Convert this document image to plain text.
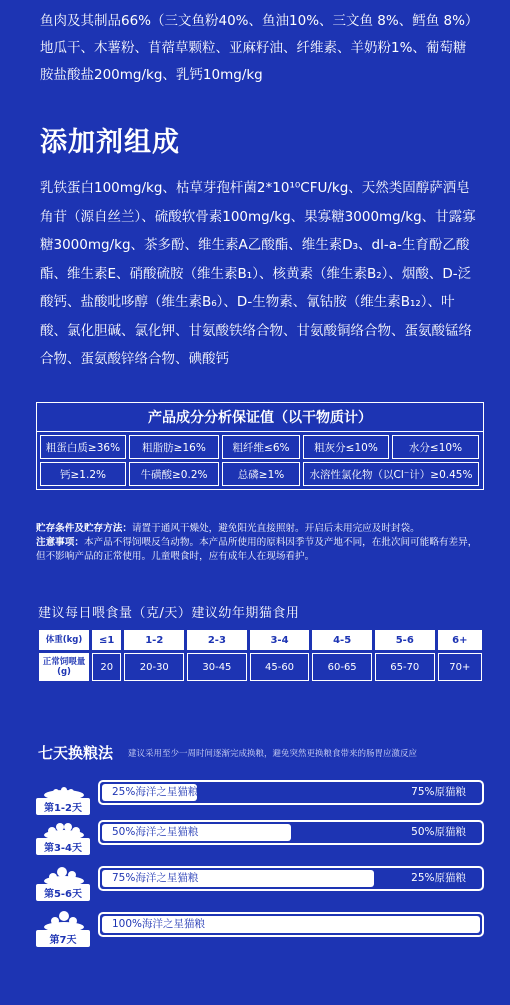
鱼肉及其制品66%（三文鱼粉40%、鱼油10%、三文鱼 8%、鳕鱼 8%）
地瓜干、木薯粉、苜蓿草颗粒、亚麻籽油、纤维素、羊奶粉1%、葡萄糖
胺盐酸盐200mg/kg、乳钙10mg/kg
添加剂组成

乳铁蛋白100mg/kg、枯草芽孢杆菌2*10¹⁰CFU/kg、天然类固醇萨洒皂角苷（源自丝兰）、硫酸软骨素100mg/kg、果寡糖3000mg/kg、甘露寡糖3000mg/kg、茶多酚、维生素A乙酸酯、维生素D₃、dl-a-生育酚乙酸酯、维生素E、硝酸硫胺（维生素B₁）、核黄素（维生素B₂）、烟酸、D-泛酸钙、盐酸吡哆醇（维生素B₆）、D-生物素、氰钴胺（维生素B₁₂）、叶酸、氯化胆碱、氯化钾、甘氨酸铁络合物、甘氨酸铜络合物、蛋氨酸锰络合物、蛋氨酸锌络合物、碘酸钙

产品成分分析保证值（以干物质计）
粗蛋白质≥36%	粗脂肪≥16%	粗纤维≤6%	粗灰分≤10%	水分≤10%
钙≥1.2%	牛磺酸≥0.2%	总磷≥1%	水溶性氯化物（以Cl⁻计）≥0.45%
贮存条件及贮存方法：请置于通风干燥处，避免阳光直接照射。开启后未用完应及时封袋。
注意事项：本产品不得饲喂反刍动物。本产品所使用的原料因季节及产地不同，在批次间可能略有差异，但不影响产品的正常使用。儿童喂食时，应有成年人在现场看护。

建议每日喂食量（克/天）建议幼年期猫食用

体重(kg)	≤1	1-2	2-3	3-4	4-5	5-6	6+
正常饲喂量(g)	20	20-30	30-45	45-60	60-65	65-70	70+
七天换粮法 建议采用至少一周时间逐渐完成换粮，避免突然更换粮食带来的肠胃应激反应

第1-2天
25%海洋之星猫粮	75%原猫粮
第3-4天
50%海洋之星猫粮	50%原猫粮
第5-6天
75%海洋之星猫粮	25%原猫粮
第7天
100%海洋之星猫粮
